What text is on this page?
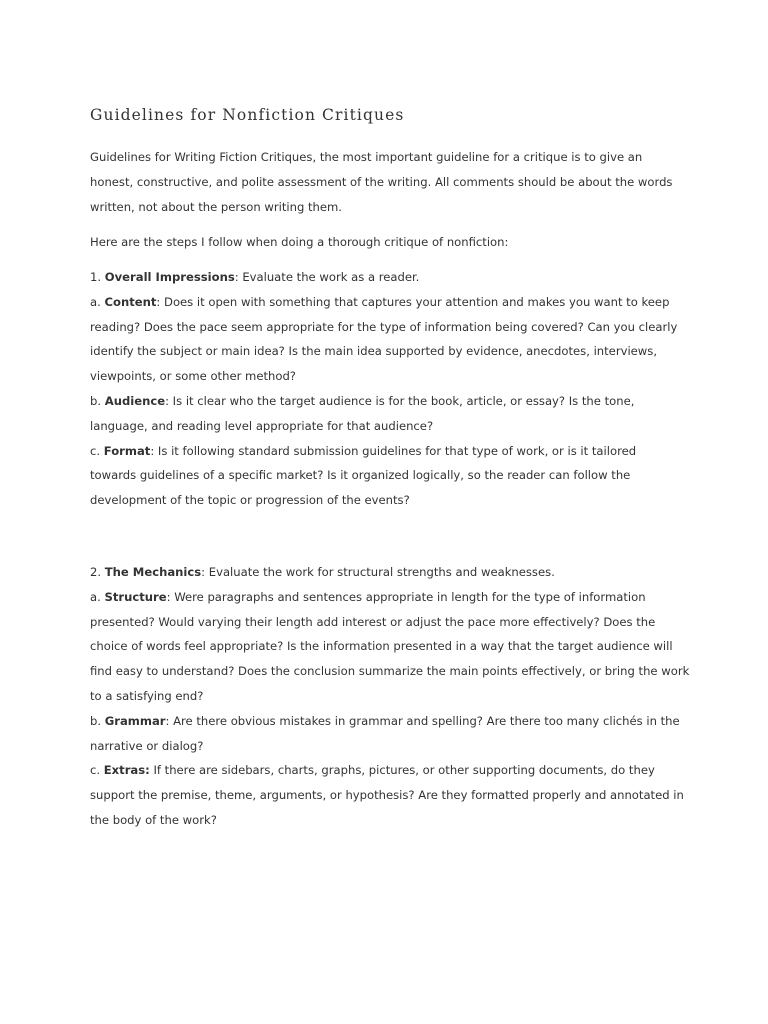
Guidelines for Nonfiction Critiques

Guidelines for Writing Fiction Critiques, the most important guideline for a critique is to give an
honest, constructive, and polite assessment of the writing. All comments should be about the words
written, not about the person writing them.

Here are the steps I follow when doing a thorough critique of nonfiction:

1. Overall Impressions: Evaluate the work as a reader.
a. Content: Does it open with something that captures your attention and makes you want to keep
reading? Does the pace seem appropriate for the type of information being covered? Can you clearly
identify the subject or main idea? Is the main idea supported by evidence, anecdotes, interviews,
viewpoints, or some other method?
b. Audience: Is it clear who the target audience is for the book, article, or essay? Is the tone,
language, and reading level appropriate for that audience?
c. Format: Is it following standard submission guidelines for that type of work, or is it tailored
towards guidelines of a specific market? Is it organized logically, so the reader can follow the
development of the topic or progression of the events?
2. The Mechanics: Evaluate the work for structural strengths and weaknesses.
a. Structure: Were paragraphs and sentences appropriate in length for the type of information
presented? Would varying their length add interest or adjust the pace more effectively? Does the
choice of words feel appropriate? Is the information presented in a way that the target audience will
find easy to understand? Does the conclusion summarize the main points effectively, or bring the work
to a satisfying end?
b. Grammar: Are there obvious mistakes in grammar and spelling? Are there too many clichés in the
narrative or dialog?
c. Extras: If there are sidebars, charts, graphs, pictures, or other supporting documents, do they
support the premise, theme, arguments, or hypothesis? Are they formatted properly and annotated in
the body of the work?
